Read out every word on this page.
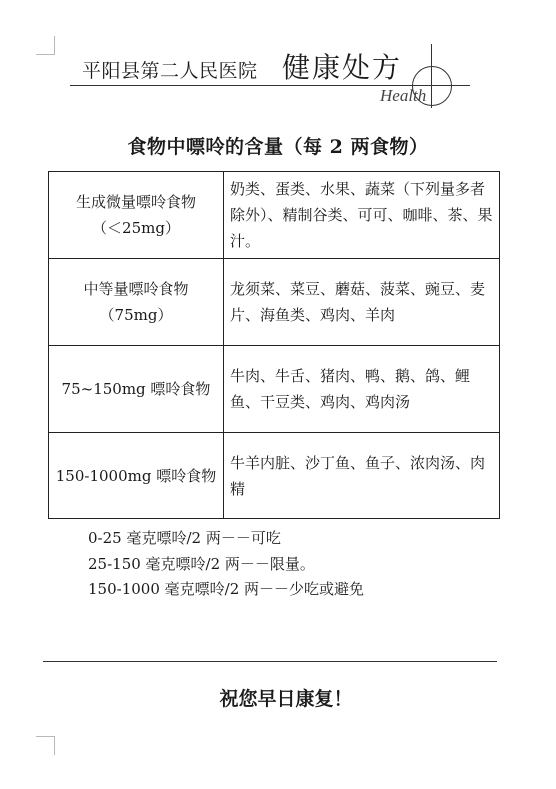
平阳县第二人民医院 健康处方
Health
食物中嘌呤的含量（每 2 两食物）
生成微量嘌呤食物
（＜25mg）	奶类、蛋类、水果、蔬菜（下列量多者除外）、精制谷类、可可、咖啡、茶、果汁。

中等量嘌呤食物
（75mg）	龙须菜、菜豆、蘑菇、菠菜、豌豆、麦片、海鱼类、鸡肉、羊肉

75~150mg 嘌呤食物	牛肉、牛舌、猪肉、鸭、鹅、鸽、鲤鱼、干豆类、鸡肉、鸡肉汤

150-1000mg 嘌呤食物	牛羊内脏、沙丁鱼、鱼子、浓肉汤、肉精
0-25 毫克嘌呤/2 两－－可吃
25-150 毫克嘌呤/2 两－－限量。
150-1000 毫克嘌呤/2 两－－少吃或避免
祝您早日康复！
